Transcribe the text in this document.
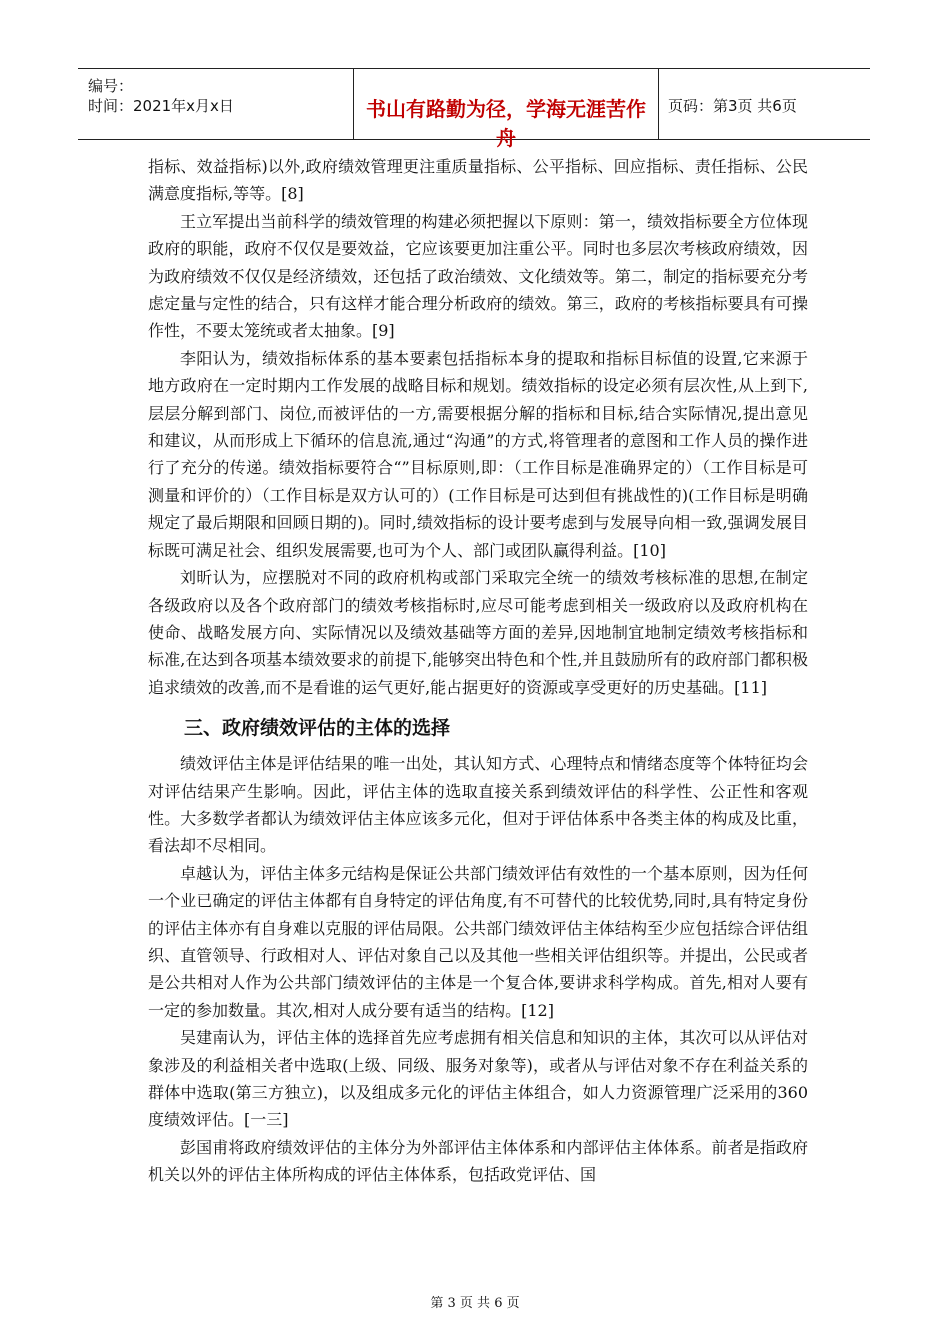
编号：
时间：2021年x月x日	书山有路勤为径，学海无涯苦作舟
页码：第3页 共6页

指标、效益指标)以外,政府绩效管理更注重质量指标、公平指标、回应指标、责任指标、公民满意度指标,等等。[8]

王立军提出当前科学的绩效管理的构建必须把握以下原则：第一，绩效指标要全方位体现政府的职能，政府不仅仅是要效益，它应该要更加注重公平。同时也多层次考核政府绩效，因为政府绩效不仅仅是经济绩效，还包括了政治绩效、文化绩效等。第二，制定的指标要充分考虑定量与定性的结合，只有这样才能合理分析政府的绩效。第三，政府的考核指标要具有可操作性，不要太笼统或者太抽象。[9]

李阳认为，绩效指标体系的基本要素包括指标本身的提取和指标目标值的设置,它来源于地方政府在一定时期内工作发展的战略目标和规划。绩效指标的设定必须有层次性,从上到下,层层分解到部门、岗位,而被评估的一方,需要根据分解的指标和目标,结合实际情况,提出意见和建议，从而形成上下循环的信息流,通过“沟通”的方式,将管理者的意图和工作人员的操作进行了充分的传递。绩效指标要符合“”目标原则,即：（工作目标是准确界定的）（工作目标是可测量和评价的）（工作目标是双方认可的）(工作目标是可达到但有挑战性的)(工作目标是明确规定了最后期限和回顾日期的)。同时,绩效指标的设计要考虑到与发展导向相一致,强调发展目标既可满足社会、组织发展需要,也可为个人、部门或团队赢得利益。[10]

刘昕认为，应摆脱对不同的政府机构或部门采取完全统一的绩效考核标准的思想,在制定各级政府以及各个政府部门的绩效考核指标时,应尽可能考虑到相关一级政府以及政府机构在使命、战略发展方向、实际情况以及绩效基础等方面的差异,因地制宜地制定绩效考核指标和标准,在达到各项基本绩效要求的前提下,能够突出特色和个性,并且鼓励所有的政府部门都积极追求绩效的改善,而不是看谁的运气更好,能占据更好的资源或享受更好的历史基础。[11]

三、政府绩效评估的主体的选择

绩效评估主体是评估结果的唯一出处，其认知方式、心理特点和情绪态度等个体特征均会对评估结果产生影响。因此，评估主体的选取直接关系到绩效评估的科学性、公正性和客观性。大多数学者都认为绩效评估主体应该多元化，但对于评估体系中各类主体的构成及比重，看法却不尽相同。

卓越认为，评估主体多元结构是保证公共部门绩效评估有效性的一个基本原则，因为任何一个业已确定的评估主体都有自身特定的评估角度,有不可替代的比较优势,同时,具有特定身份的评估主体亦有自身难以克服的评估局限。公共部门绩效评估主体结构至少应包括综合评估组织、直管领导、行政相对人、评估对象自己以及其他一些相关评估组织等。并提出，公民或者是公共相对人作为公共部门绩效评估的主体是一个复合体,要讲求科学构成。首先,相对人要有一定的参加数量。其次,相对人成分要有适当的结构。[12]

吴建南认为，评估主体的选择首先应考虑拥有相关信息和知识的主体，其次可以从评估对象涉及的利益相关者中选取(上级、同级、服务对象等)，或者从与评估对象不存在利益关系的群体中选取(第三方独立)，以及组成多元化的评估主体组合，如人力资源管理广泛采用的360度绩效评估。[一三]

彭国甫将政府绩效评估的主体分为外部评估主体体系和内部评估主体体系。前者是指政府机关以外的评估主体所构成的评估主体体系，包括政党评估、国

第 3 页 共 6 页
